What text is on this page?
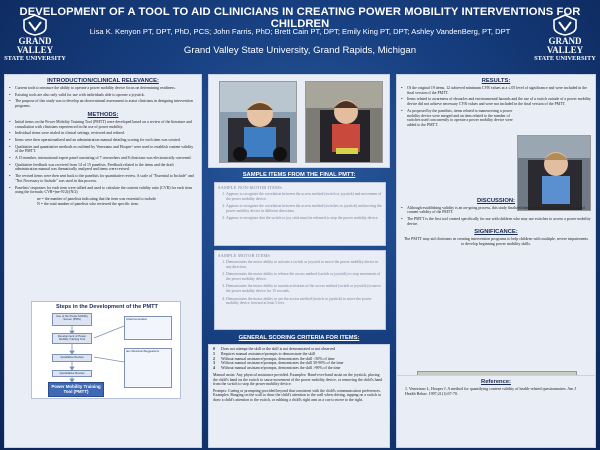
DEVELOPMENT OF A TOOL TO AID CLINICIANS IN CREATING POWER MOBILITY INTERVENTIONS FOR CHILDREN
Lisa K. Kenyon PT, DPT, PhD, PCS; John Farris, PhD; Brett Cain PT, DPT; Emily King PT, DPT; Ashley VandenBerg, PT, DPT
Grand Valley State University, Grand Rapids, Michigan
GRAND VALLEY
STATE UNIVERSITY
GRAND VALLEY
STATE UNIVERSITY
INTRODUCTION/CLINICAL RELEVANCE:
• Current tools to measure the ability to operate a power mobility device focus on determining readiness.
• Existing tools are also only valid for use with individuals able to operate a joystick.
• The purpose of this study was to develop an observational assessment to assist clinicians in designing intervention programs.
METHODS:
• Initial items on the Power Mobility Training Tool (PMTT) were developed based on a review of the literature and consultation with clinicians experienced in the use of power mobility.
• Individual items were trialed in clinical settings, reviewed and refined.
• Items were then operationalized and an administration manual detailing scoring for each item was created.
• Qualitative and quantitative methods as outlined by Veneziano and Hooper¹ were used to establish content validity of the PMTT.
• A 15 member, international expert panel consisting of 7 researchers and 8 clinicians was electronically convened.
• Qualitative feedback was received from 14 of 15 panelists. Feedback related to the items and the draft administration manual was thematically analyzed and items were revised.
• The revised items were then sent back to the panelists for quantitative review. A scale of "Essential to Include" and "Not Necessary to Include" was used in this process.
• Panelists' responses for each item were tallied and used to calculate the content validity ratio (CVR) for each item using the formula: CVR=(ne-N/2)/(N/2)
ne = the number of panelists indicating that the item was essential to include
N = the total number of panelists who reviewed the specific item.
Steps in the Development of the PMTT
Use of the Power Mobility Screen (PMS)
Development of Power Mobility Training Tool
Qualitative Review
Quantitative Review
Power Mobility Training Tool (PMTT)
Initial Generation
Item Revision/Suggestions
SAMPLE ITEMS FROM THE FINAL PMTT:
SAMPLE NON-MOTOR ITEMS
1. Appears to recognize the correlation between the access method (switch or joystick) and movement of the power mobility device.
2. Appears to recognize the correlation between the access method (switches or joystick) and moving the power mobility device in different directions.
3. Appears to recognize that the switch or joy stick must be released to stop the power mobility device.
SAMPLE MOTOR ITEMS
1. Demonstrates the motor ability to activate a switch or joystick to move the power mobility device in any direction.
2. Demonstrates the motor ability to release the access method (switch or joystick) to stop movement of the power mobility device.
3. Demonstrates the motor ability to sustain activation of the access method (switch or joystick) to move the power mobility device for 15 seconds.
4. Demonstrates the motor ability to use the access method (switch or joystick) to move the power mobility device forward at least 5 feet.
GENERAL SCORING CRITERIA FOR ITEMS:
0 Does not attempt the skill or the skill is not demonstrated or not observed
1 Requires manual assistance/prompts to demonstrate the skill
2 Without manual assistance/prompts, demonstrates the skill <50% of time
3 Without manual assistance/prompts, demonstrates the skill 50-90% of the time
4 Without manual assistance/prompts, demonstrates the skill >90% of the time

Manual assist: Any physical assistance provided. Examples: Hand-over-hand assist on the joystick, placing the child's hand on the switch to cause movement of the power mobility device, or removing the child's hand from the switch to stop the power mobility device.

Prompts: Cueing or prompting provided beyond that consistent with the child's communication preferences. Examples: Banging on the wall to draw the child's attention to the wall when driving, tapping on a switch to draw a child's attention to the switch, or rubbing a child's right arm as a cue to move to the right.

RESULTS:
• Of the original 19 items, 12 achieved minimum CVR values at a ≤.05 level of significance and were included in the final version of the PMTT.
• Items related to awareness of obstacles and environmental hazards and the use of a switch outside of a power mobility device did not achieve necessary CVR values and were not included in the final version of the PMTT.
• As proposed by the panelists, items related to maneuvering a power mobility device were merged and an item related to the number of switches used concurrently to operate a power mobility device were added to the PMTT.
DISCUSSION:
• Although establishing validity is an on-going process, this study finalized item selection and established the initial content validity of the PMTT.
• The PMTT is the first tool created specifically for use with children who may use switches to access a power mobility device.
SIGNIFICANCE:
The PMTT may aid clinicians in creating intervention programs to help children with multiple, severe impairments to develop beginning power mobility skills.
Reference:
1. Veneziano L, Hooper J. A method for quantifying content validity of health-related questionnaires. Am J Health Behav. 1997;21(1):67-70.
